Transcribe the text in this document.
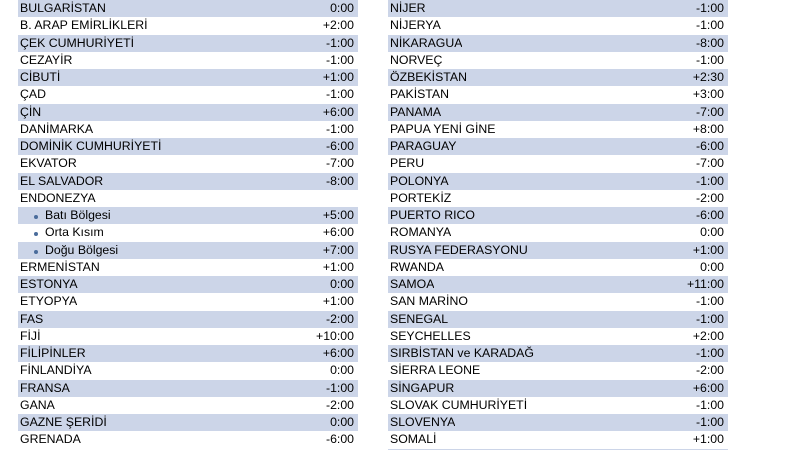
BULGARİSTAN	0:00
B. ARAP EMİRLİKLERİ	+2:00
ÇEK CUMHURİYETİ	-1:00
CEZAYİR	-1:00
CİBUTİ	+1:00
ÇAD	-1:00
ÇİN	+6:00
DANİMARKA	-1:00
DOMİNİK CUMHURİYETİ	-6:00
EKVATOR	-7:00
EL SALVADOR	-8:00
ENDONEZYA
Batı Bölgesi	+5:00
Orta Kısım	+6:00
Doğu Bölgesi	+7:00
ERMENİSTAN	+1:00
ESTONYA	0:00
ETYOPYA	+1:00
FAS	-2:00
FİJİ	+10:00
FİLİPİNLER	+6:00
FİNLANDİYA	0:00
FRANSA	-1:00
GANA	-2:00
GAZNE ŞERİDİ	0:00
GRENADA	-6:00
NİJER	-1:00
NİJERYA	-1:00
NİKARAGUA	-8:00
NORVEÇ	-1:00
ÖZBEKİSTAN	+2:30
PAKİSTAN	+3:00
PANAMA	-7:00
PAPUA YENİ GİNE	+8:00
PARAGUAY	-6:00
PERU	-7:00
POLONYA	-1:00
PORTEKİZ	-2:00
PUERTO RICO	-6:00
ROMANYA	0:00
RUSYA FEDERASYONU	+1:00
RWANDA	0:00
SAMOA	+11:00
SAN MARİNO	-1:00
SENEGAL	-1:00
SEYCHELLES	+2:00
SIRBİSTAN ve KARADAĞ	-1:00
SİERRA LEONE	-2:00
SİNGAPUR	+6:00
SLOVAK CUMHURİYETİ	-1:00
SLOVENYA	-1:00
SOMALİ	+1:00
